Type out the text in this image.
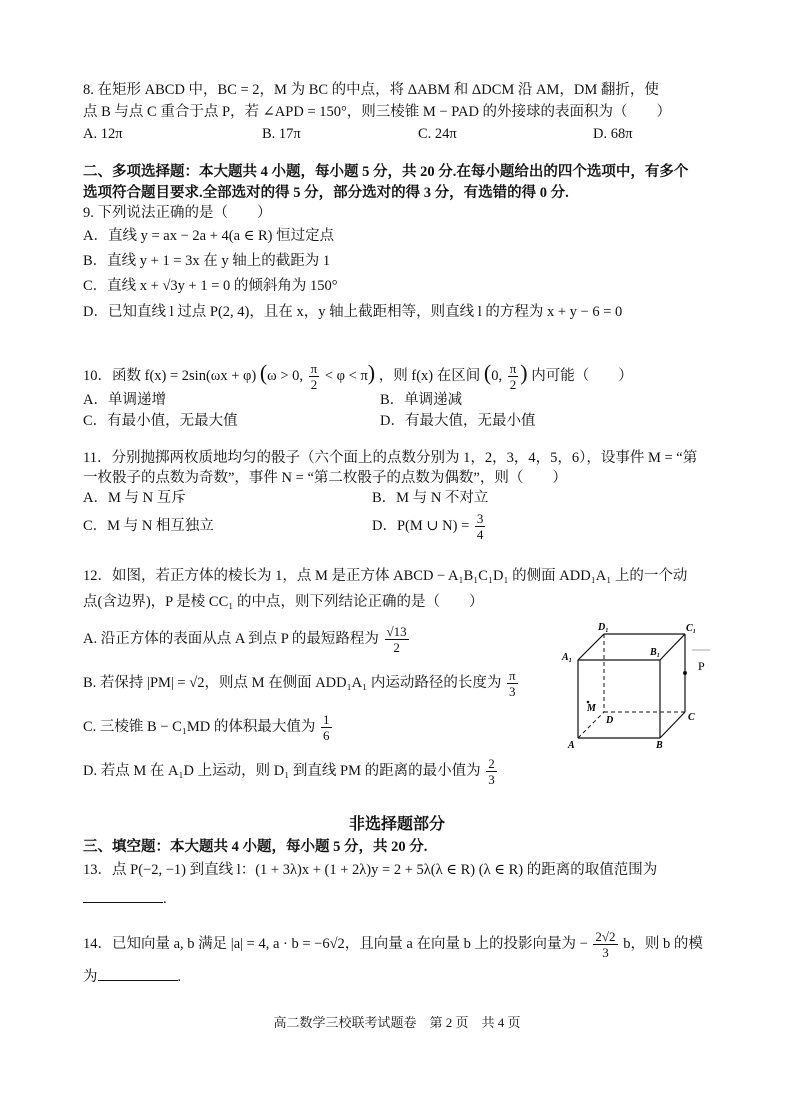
8. 在矩形 ABCD 中，BC = 2，M 为 BC 的中点，将 ΔABM 和 ΔDCM 沿 AM，DM 翻折，使
点 B 与点 C 重合于点 P，若 ∠APD = 150°，则三棱锥 M − PAD 的外接球的表面积为（　　）
A. 12π	B. 17π	C. 24π	D. 68π
二、多项选择题：本大题共 4 小题，每小题 5 分，共 20 分.在每小题给出的四个选项中，有多个
选项符合题目要求.全部选对的得 5 分，部分选对的得 3 分，有选错的得 0 分.
9. 下列说法正确的是（　　）
A．直线 y = ax − 2a + 4(a ∈ R) 恒过定点
B．直线 y + 1 = 3x 在 y 轴上的截距为 1
C．直线 x + √3y + 1 = 0 的倾斜角为 150°
D．已知直线 l 过点 P(2, 4)，且在 x，y 轴上截距相等，则直线 l 的方程为 x + y − 6 = 0
10．函数 f(x) = 2sin(ωx + φ) (ω > 0, $\frac{\pi}{2} < \varphi < \pi$) ，则 f(x) 在区间 (0, $\frac{\pi}{2}$ ) 内可能（　　）
A．单调递增	B．单调递减
C．有最小值，无最大值	D．有最大值，无最小值
11．分别抛掷两枚质地均匀的骰子（六个面上的点数分别为 1，2，3，4，5，6），设事件 M = “第
一枚骰子的点数为奇数”，事件 N = “第二枚骰子的点数为偶数”，则（　　）
A．M 与 N 互斥	B．M 与 N 不对立
C．M 与 N 相互独立	D．P(M ∪ $N) = \frac{3}{4}$
12．如图，若正方体的棱长为 1，点 M 是正方体 ABCD − A₁B₁C₁D₁ 的侧面 ADD₁A₁ 上的一个动
点(含边界)，P 是棱 CC₁ 的中点，则下列结论正确的是（　　）
A. 沿正方体的表面从点 A 到点 P 的最短路程为 $\frac{√13}{2}$
B. 若保持 |PM| = √2，则点 M 在侧面 ADD₁A₁ 内运动路径的长度为 $\frac{\pi}{3}$
C. 三棱锥 B − C₁MD 的体积最大值为 $\frac{1}{6}$
D. 若点 M 在 A₁D 上运动，则 D₁ 到直线 PM 的距离的最小值为 $\frac{2}{3}$
D₁	C₁
A₁	B₁
P
M
D	C
A	B
非选择题部分
三、填空题：本大题共 4 小题，每小题 5 分，共 20 分.
13．点 P(−2, −1) 到直线 l：(1 + 3λ)x + (1 + 2λ)y = 2 + 5λ(λ ∈ R) (λ ∈ R) 的距离的取值范围为
.
14．已知向量 a, b 满足 |a| = 4, a · b = −6√2，且向量 a 在向量 b 上的投影向量为 − $\frac{2√2}{3}$ b，则 b 的模
为	.
高二数学三校联考试题卷　第 2 页　共 4 页
